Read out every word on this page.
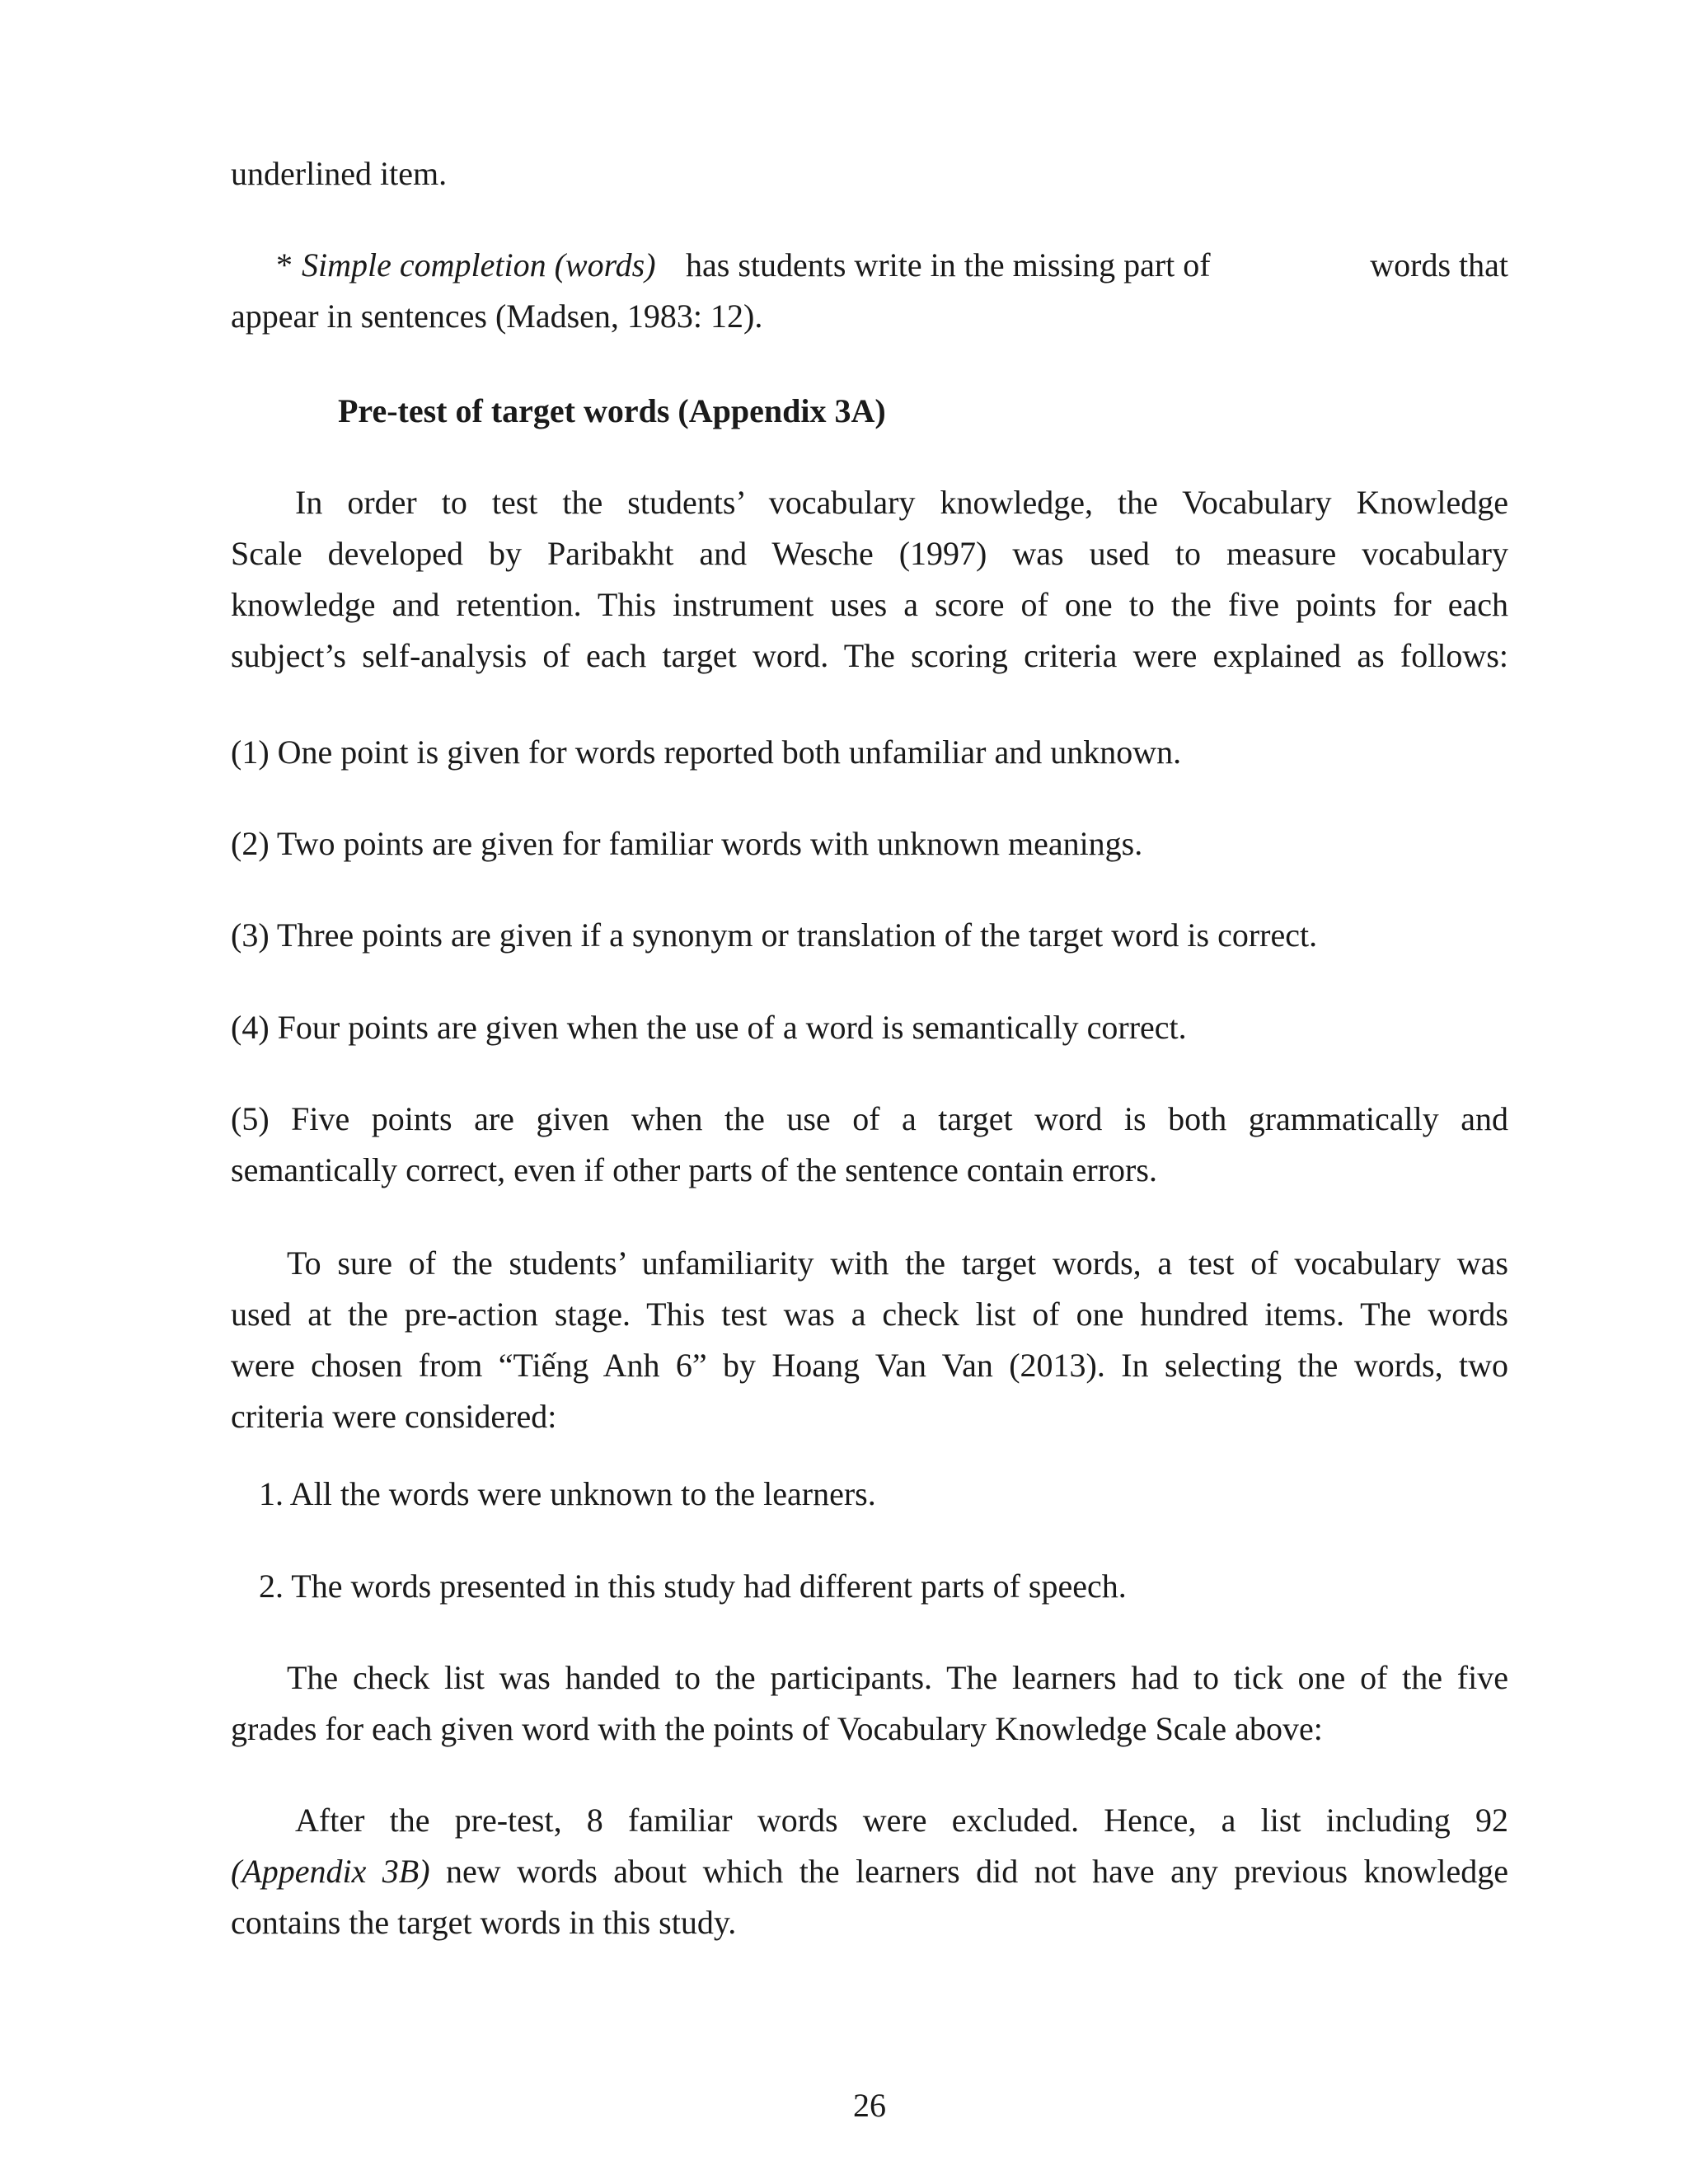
underlined item.
* Simple completion (words) has students write in the missing part of	words that
appear in sentences (Madsen, 1983: 12).
Pre-test of target words (Appendix 3A)
In order to test the students’ vocabulary knowledge, the Vocabulary Knowledge
Scale developed by Paribakht and Wesche (1997) was used to measure vocabulary
knowledge and retention. This instrument uses a score of one to the five points for each
subject’s self-analysis of each target word. The scoring criteria were explained as follows:
(1) One point is given for words reported both unfamiliar and unknown.
(2) Two points are given for familiar words with unknown meanings.
(3) Three points are given if a synonym or translation of the target word is correct.
(4) Four points are given when the use of a word is semantically correct.
(5) Five points are given when the use of a target word is both grammatically and
semantically correct, even if other parts of the sentence contain errors.
To sure of the students’ unfamiliarity with the target words, a test of vocabulary was
used at the pre-action stage. This test was a check list of one hundred items. The words
were chosen from “Tiếng Anh 6” by Hoang Van Van (2013). In selecting the words, two
criteria were considered:
1. All the words were unknown to the learners.
2. The words presented in this study had different parts of speech.
The check list was handed to the participants. The learners had to tick one of the five
grades for each given word with the points of Vocabulary Knowledge Scale above:
After the pre-test, 8 familiar words were excluded. Hence, a list including 92
(Appendix 3B) new words about which the learners did not have any previous knowledge
contains the target words in this study.
26
